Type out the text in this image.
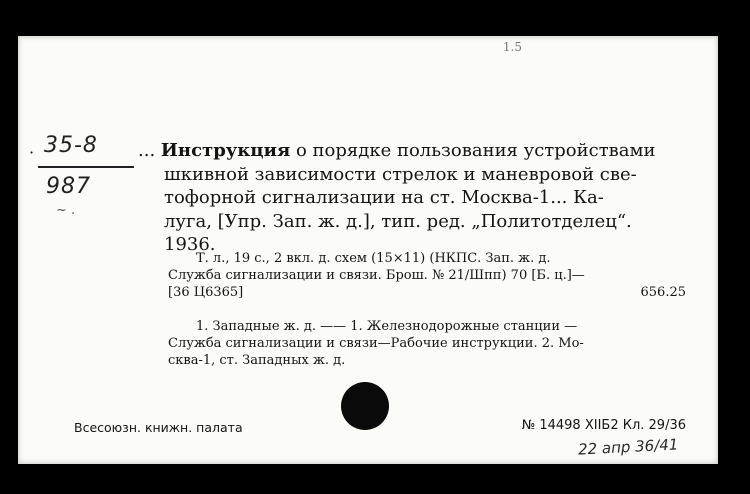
1.5
· 35-8
987
~ .
... Инструкция о порядке пользования устройствами
шкивной зависимости стрелок и маневровой све-
тофорной сигнализации на ст. Москва-1... Ка-
луга, [Упр. Зап. ж. д.], тип. ред. „Политотделец“.
1936.
Т. л., 19 с., 2 вкл. д. схем (15×11) (НКПС. Зап. ж. д.
Служба сигнализации и связи. Брош. № 21/Шпп) 70 [Б. ц.]—
[36 Ц6365]	656.25
1. Западные ж. д. —— 1. Железнодорожные станции —
Служба сигнализации и связи—Рабочие инструкции. 2. Мо-
сква-1, ст. Западных ж. д.
Всесоюзн. книжн. палата	№ 14498 ХІІБ2 Кл. 29/36
22 апр 36/41
